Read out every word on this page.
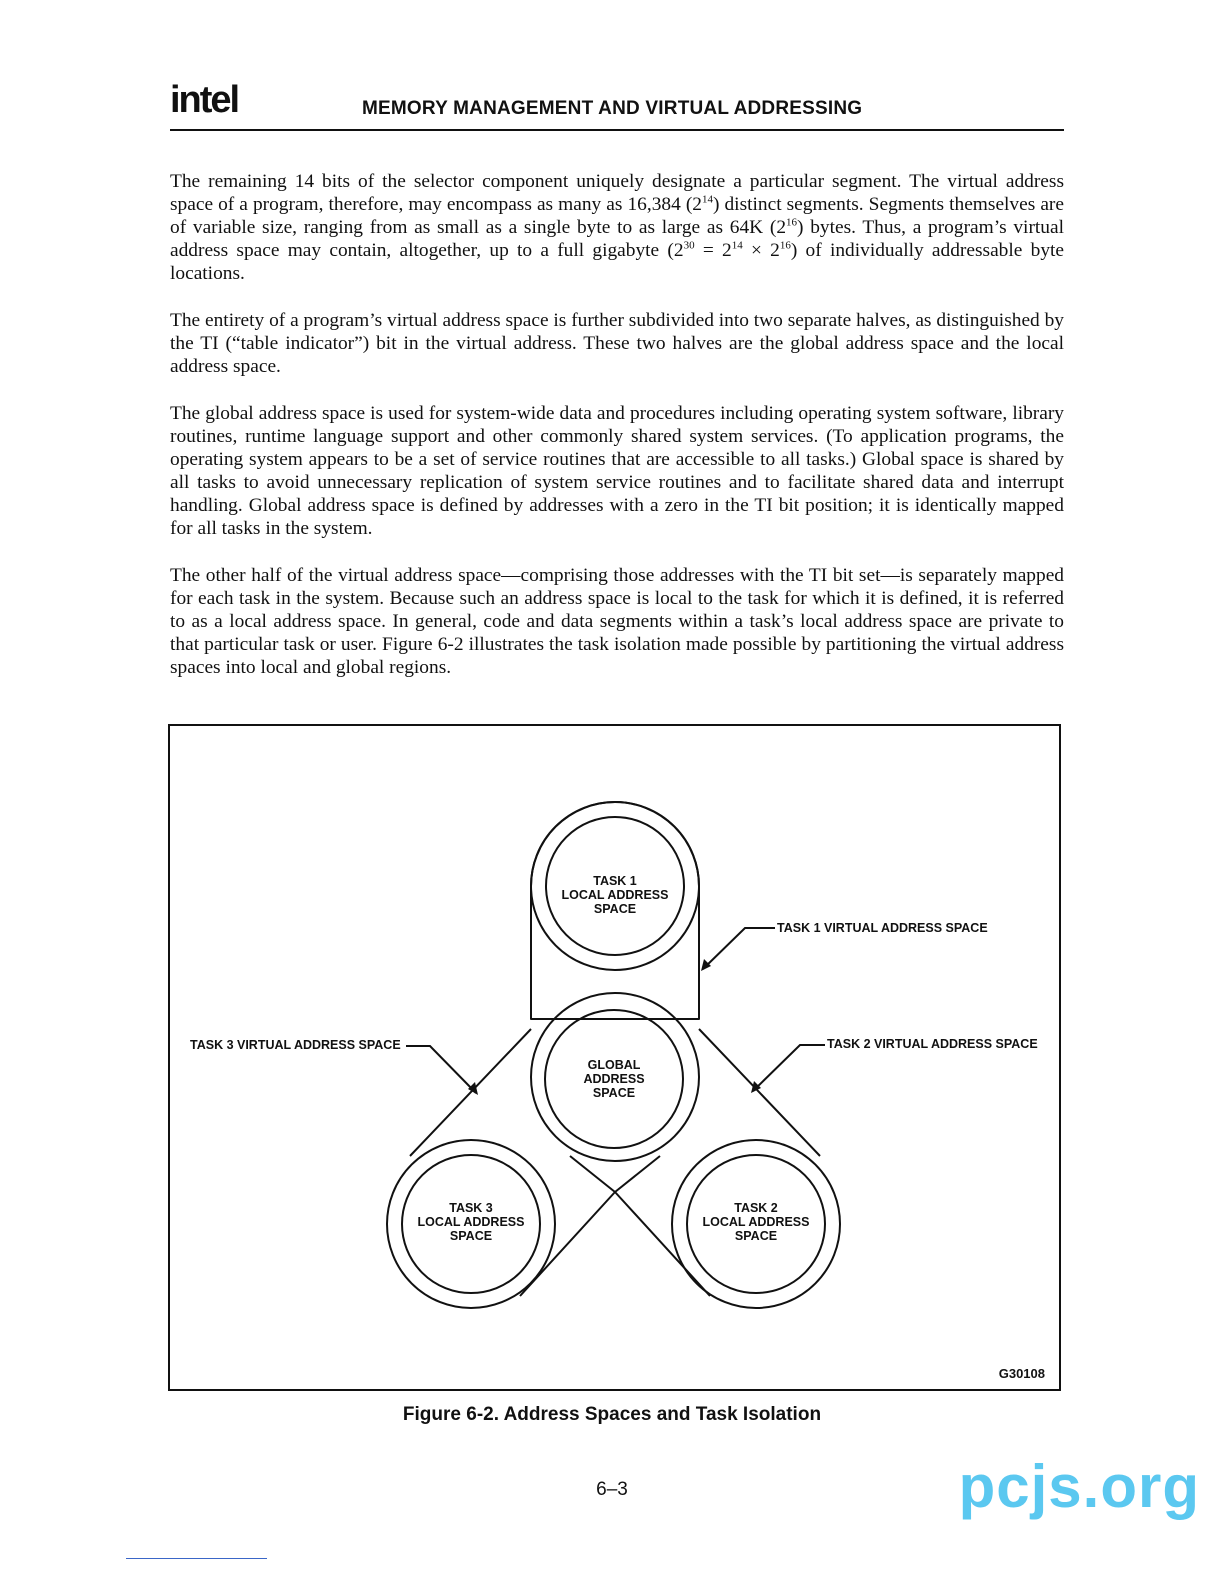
intel	MEMORY MANAGEMENT AND VIRTUAL ADDRESSING

The remaining 14 bits of the selector component uniquely designate a particular segment. The virtual address space of a program, therefore, may encompass as many as 16,384 $(2^{14})$ distinct segments. Segments themselves are of variable size, ranging from as small as a single byte to as large as 64K $(2^{16})$ bytes. Thus, a program’s virtual address space may contain, altogether, up to a full gigabyte $(2^{30} = 2^{14} \times 2^{16})$ of individually addressable byte locations.

The entirety of a program’s virtual address space is further subdivided into two separate halves, as distinguished by the TI (“table indicator”) bit in the virtual address. These two halves are the global address space and the local address space.

The global address space is used for system-wide data and procedures including operating system software, library routines, runtime language support and other commonly shared system services. (To application programs, the operating system appears to be a set of service routines that are accessible to all tasks.) Global space is shared by all tasks to avoid unnecessary replication of system service routines and to facilitate shared data and interrupt handling. Global address space is defined by addresses with a zero in the TI bit position; it is identically mapped for all tasks in the system.

The other half of the virtual address space—comprising those addresses with the TI bit set—is separately mapped for each task in the system. Because such an address space is local to the task for which it is defined, it is referred to as a local address space. In general, code and data segments within a task’s local address space are private to that particular task or user. Figure 6-2 illustrates the task isolation made possible by partitioning the virtual address spaces into local and global regions.

TASK 1
LOCAL ADDRESS
SPACE
GLOBAL
ADDRESS
SPACE
TASK 3
LOCAL ADDRESS
SPACE
TASK 2
LOCAL ADDRESS
SPACE
TASK 1 VIRTUAL ADDRESS SPACE
TASK 2 VIRTUAL ADDRESS SPACE
TASK 3 VIRTUAL ADDRESS SPACE
G30108
Figure 6-2. Address Spaces and Task Isolation
6–3	pcjs.org
